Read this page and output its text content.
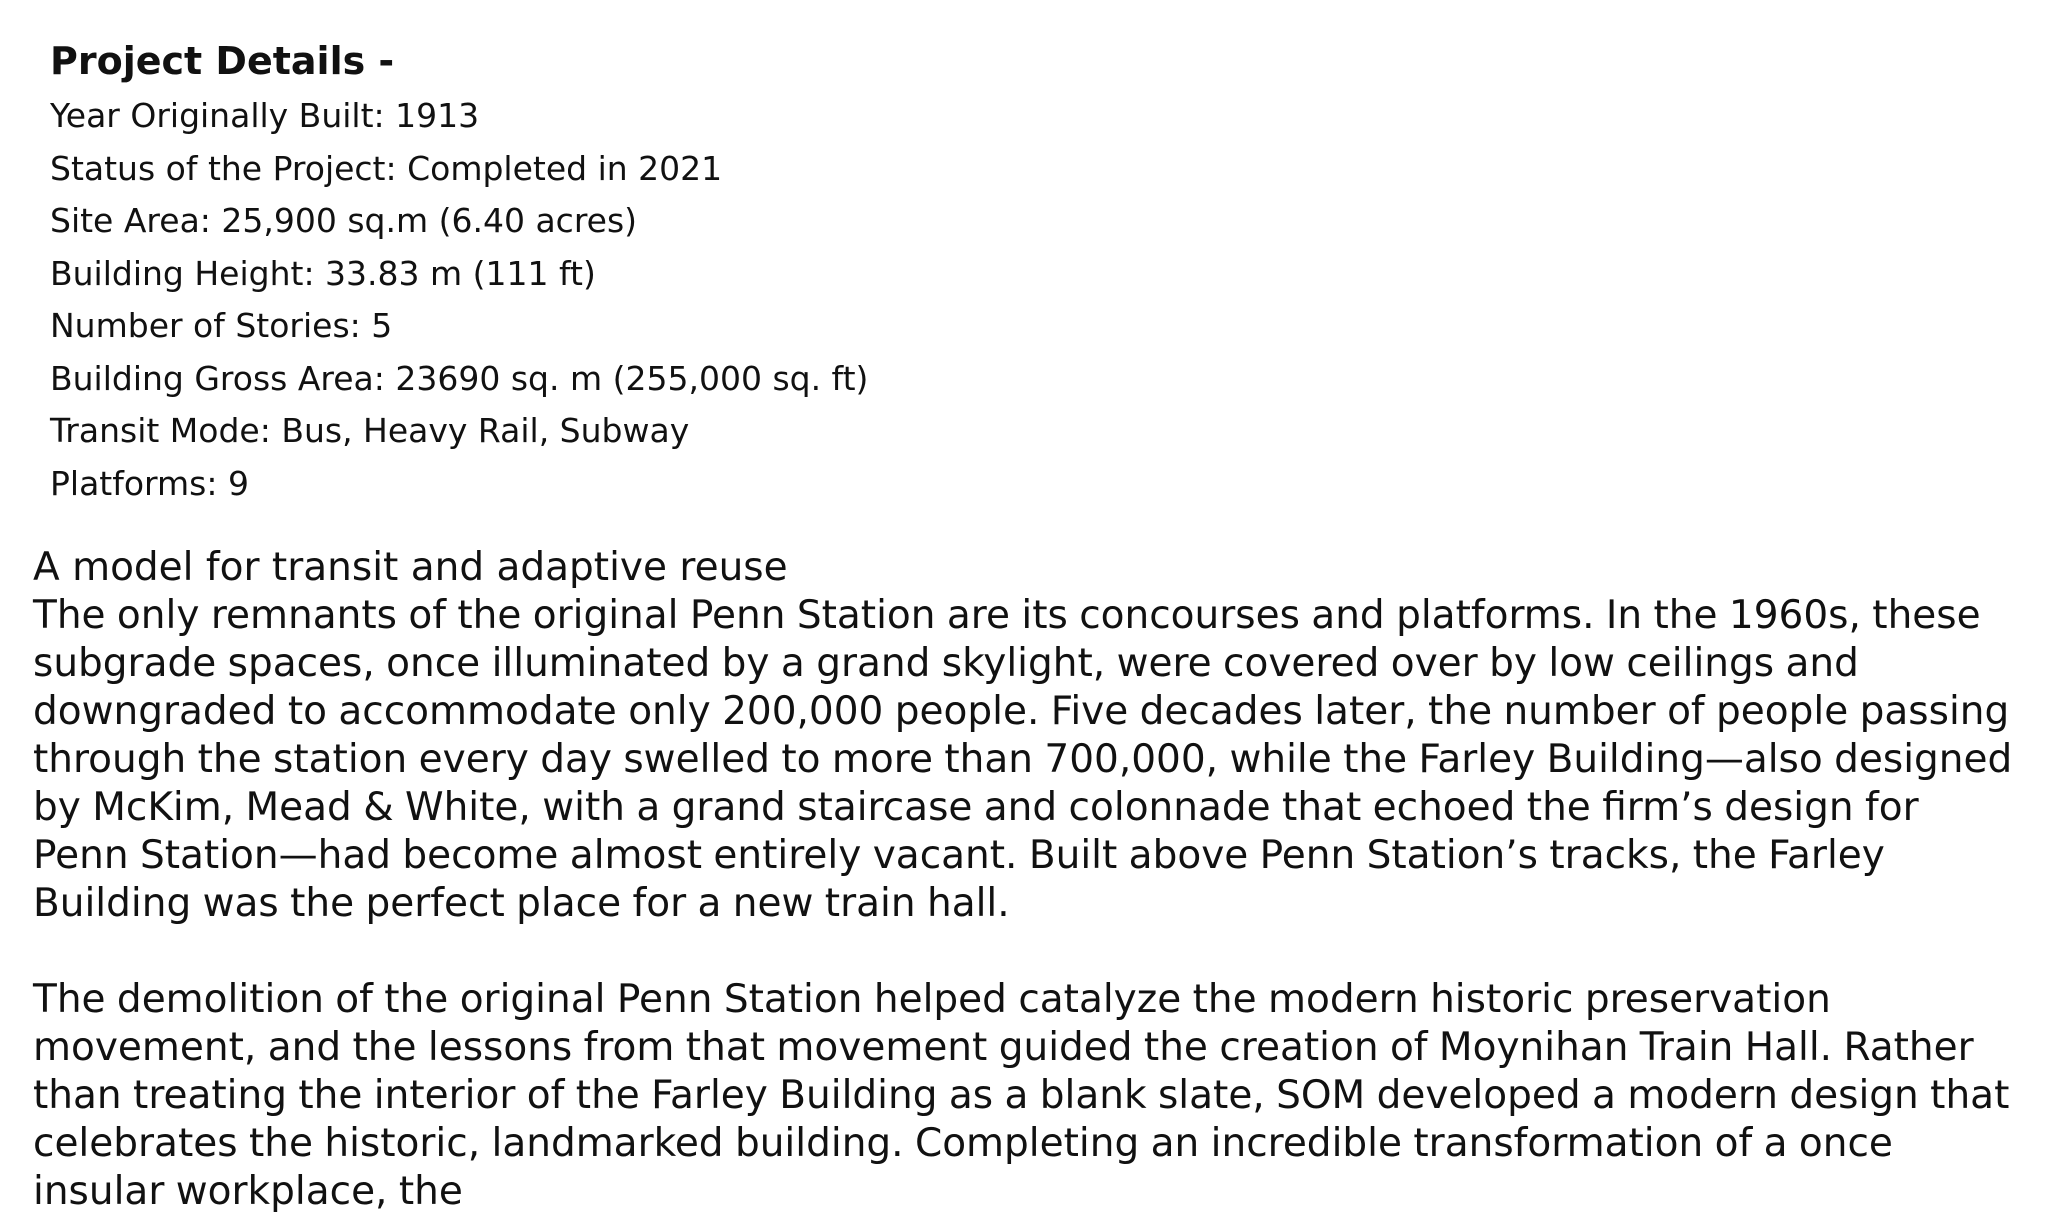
Project Details -
Year Originally Built: 1913
Status of the Project: Completed in 2021
Site Area: 25,900 sq.m (6.40 acres)
Building Height: 33.83 m (111 ft)
Number of Stories: 5
Building Gross Area: 23690 sq. m (255,000 sq. ft)
Transit Mode: Bus, Heavy Rail, Subway
Platforms: 9
A model for transit and adaptive reuse

The only remnants of the original Penn Station are its concourses and platforms. In the 1960s, these subgrade spaces, once illuminated by a grand skylight, were covered over by low ceilings and downgraded to accommodate only 200,000 people. Five decades later, the number of people passing through the station every day swelled to more than 700,000, while the Farley Building—also designed by McKim, Mead & White, with a grand staircase and colonnade that echoed the firm’s design for Penn Station—had become almost entirely vacant. Built above Penn Station’s tracks, the Farley Building was the perfect place for a new train hall.

The demolition of the original Penn Station helped catalyze the modern historic preservation movement, and the lessons from that movement guided the creation of Moynihan Train Hall. Rather than treating the interior of the Farley Building as a blank slate, SOM developed a modern design that celebrates the historic, landmarked building. Completing an incredible transformation of a once insular workplace, the
